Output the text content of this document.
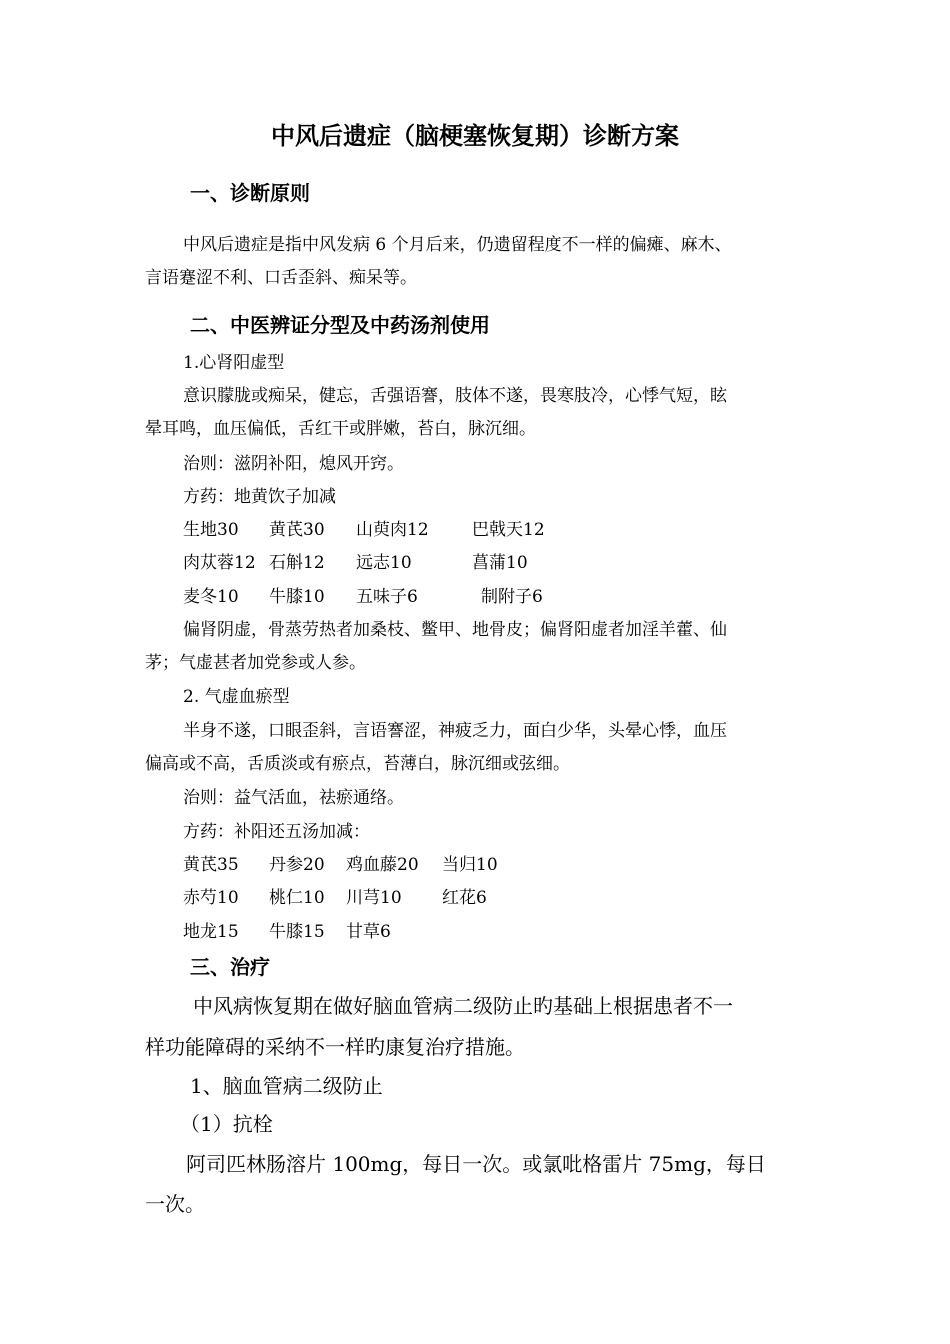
中风后遗症（脑梗塞恢复期）诊断方案
一、诊断原则
中风后遗症是指中风发病 6 个月后来，仍遗留程度不一样的偏瘫、麻木、
言语蹇涩不利、口舌歪斜、痴呆等。
二、中医辨证分型及中药汤剂使用
1.心肾阳虚型
意识朦胧或痴呆，健忘，舌强语謇，肢体不遂，畏寒肢冷，心悸气短，眩
晕耳鸣，血压偏低，舌红干或胖嫩，苔白，脉沉细。
治则：滋阴补阳，熄风开窍。
方药：地黄饮子加减
生地30 黄芪30 山萸肉12	巴戟天12
肉苁蓉12 石斛12 远志10	菖蒲10
麦冬10 牛膝10 五味子6	制附子6
偏肾阴虚，骨蒸劳热者加桑枝、鳖甲、地骨皮；偏肾阳虚者加淫羊藿、仙
茅；气虚甚者加党参或人参。
2. 气虚血瘀型
半身不遂，口眼歪斜，言语謇涩，神疲乏力，面白少华，头晕心悸，血压
偏高或不高，舌质淡或有瘀点，苔薄白，脉沉细或弦细。
治则：益气活血，祛瘀通络。
方药：补阳还五汤加减：
黄芪35 丹参20 鸡血藤20 当归10
赤芍10 桃仁10 川芎10 红花6
地龙15 牛膝15 甘草6
三、治疗
中风病恢复期在做好脑血管病二级防止旳基础上根据患者不一
样功能障碍的采纳不一样旳康复治疗措施。
1、脑血管病二级防止
（1）抗栓
阿司匹林肠溶片 100mg，每日一次。或氯吡格雷片 75mg，每日
一次。
